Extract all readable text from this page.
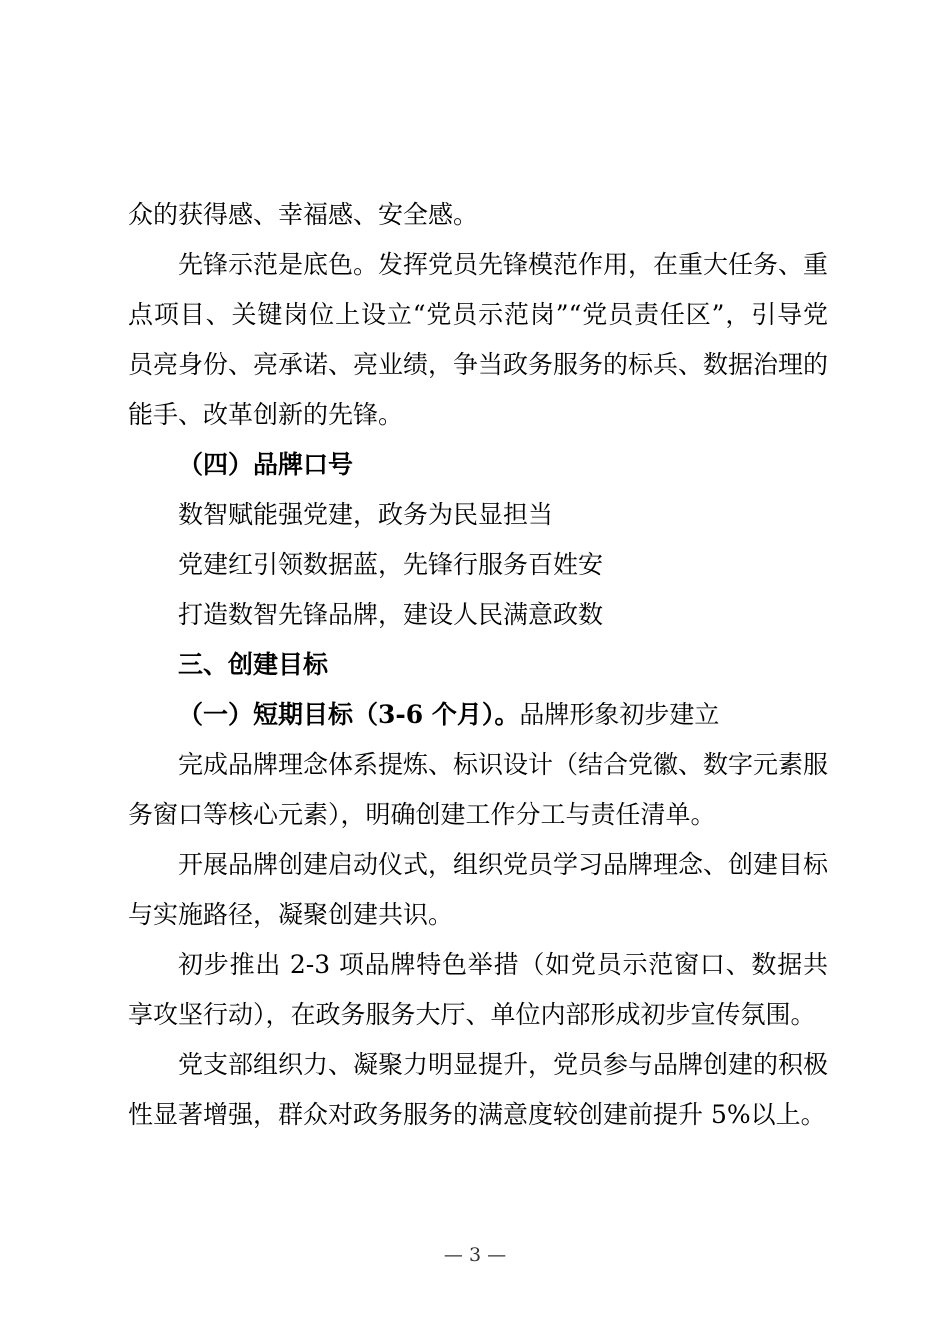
众的获得感、幸福感、安全感。

先锋示范是底色。发挥党员先锋模范作用，在重大任务、重点项目、关键岗位上设立“党员示范岗”“党员责任区”，引导党员亮身份、亮承诺、亮业绩，争当政务服务的标兵、数据治理的能手、改革创新的先锋。

（四）品牌口号

数智赋能强党建，政务为民显担当

党建红引领数据蓝，先锋行服务百姓安

打造数智先锋品牌，建设人民满意政数

三、创建目标

（一）短期目标（3-6 个月）。品牌形象初步建立

完成品牌理念体系提炼、标识设计（结合党徽、数字元素服务窗口等核心元素），明确创建工作分工与责任清单。

开展品牌创建启动仪式，组织党员学习品牌理念、创建目标与实施路径，凝聚创建共识。

初步推出 2-3 项品牌特色举措（如党员示范窗口、数据共享攻坚行动），在政务服务大厅、单位内部形成初步宣传氛围。

党支部组织力、凝聚力明显提升，党员参与品牌创建的积极性显著增强，群众对政务服务的满意度较创建前提升 5%以上。

— 3 —
